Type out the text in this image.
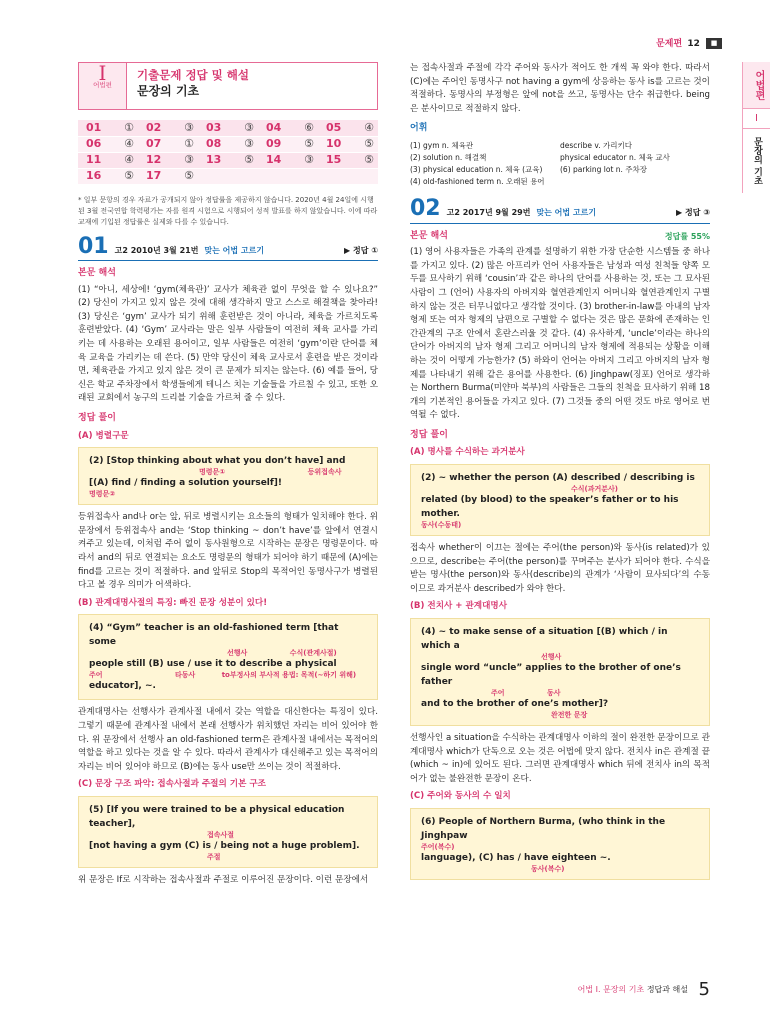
문제편 12 ■
어법편
I
문장의 기초
I
어법편
기출문제 정답 및 해설
문장의 기초
01	①	02	③	03	③	04	⑥	05	④
06	④	07	①	08	③	09	⑤	10	⑤
11	④	12	③	13	⑤	14	③	15	⑤
16	⑤	17	⑤						
* 일부 문항의 경우 자료가 공개되지 않아 정답률을 제공하지 않습니다. 2020년 4월 24일에 시행된 3월 전국연합 학력평가는 자를 원격 시험으로 시행되어 성적 발표를 하지 않았습니다. 이에 따라 교재에 기입된 정답률은 실제와 다를 수 있습니다.
01 고2 2010년 3월 21번 맞는 어법 고르기	▶ 정답 ①
본문 해석
(1) “아니, 세상에! ‘gym(체육관)’ 교사가 체육관 없이 무엇을 할 수 있나요?” (2) 당신이 가지고 있지 않은 것에 대해 생각하지 말고 스스로 해결책을 찾아라! (3) 당신은 ‘gym’ 교사가 되기 위해 훈련받은 것이 아니라, 체육을 가르치도록 훈련받았다. (4) ‘Gym’ 교사라는 말은 일부 사람들이 여전히 체육 교사를 가리키는 데 사용하는 오래된 용어이고, 일부 사람들은 여전히 ‘gym’이란 단어를 체육 교육을 가리키는 데 쓴다. (5) 만약 당신이 체육 교사로서 훈련을 받은 것이라면, 체육관을 가지고 있지 않은 것이 큰 문제가 되지는 않는다. (6) 예를 들어, 당신은 학교 주차장에서 학생들에게 테니스 치는 기술들을 가르칠 수 있고, 또한 오래된 교회에서 농구의 드리블 기술을 가르쳐 줄 수 있다.
정답 풀이
(A) 병렬구문
(2) [Stop thinking about what you don’t have] and
명령문①	등위접속사
[(A) find / finding a solution yourself]!
명령문②
등위접속사 and나 or는 앞, 뒤로 병렬시키는 요소들의 형태가 일치해야 한다. 위 문장에서 등위접속사 and는 ‘Stop thinking ~ don’t have’를 앞에서 연결시켜주고 있는데, 이처럼 주어 없이 동사원형으로 시작하는 문장은 명령문이다. 따라서 and의 뒤로 연결되는 요소도 명령문의 형태가 되어야 하기 때문에 (A)에는 find를 고르는 것이 적절하다. and 앞뒤로 Stop의 목적어인 동명사구가 병렬된다고 볼 경우 의미가 어색하다.
(B) 관계대명사절의 특징: 빠진 문장 성분이 있다!
(4) “Gym” teacher is an old-fashioned term [that some
선행사	수식(관계사절)
people still (B) use / use it to describe a physical
주어	타동사	to부정사의 부사적 용법: 목적(~하기 위해)
educator], ~.
관계대명사는 선행사가 관계사절 내에서 갖는 역할을 대신한다는 특징이 있다. 그렇기 때문에 관계사절 내에서 본래 선행사가 위치했던 자리는 비어 있어야 한다. 위 문장에서 선행사 an old-fashioned term은 관계사절 내에서는 목적어의 역할을 하고 있다는 것을 알 수 있다. 따라서 관계사가 대신해주고 있는 목적어의 자리는 비어 있어야 하므로 (B)에는 동사 use만 쓰이는 것이 적절하다.
(C) 문장 구조 파악: 접속사절과 주절의 기본 구조
(5) [If you were trained to be a physical education teacher],
접속사절
[not having a gym (C) is / being not a huge problem].
주절
위 문장은 If로 시작하는 접속사절과 주절로 이루어진 문장이다. 이런 문장에서
는 접속사절과 주절에 각각 주어와 동사가 적어도 한 개씩 꼭 와야 한다. 따라서 (C)에는 주어인 동명사구 not having a gym에 상응하는 동사 is를 고르는 것이 적절하다. 동명사의 부정형은 앞에 not을 쓰고, 동명사는 단수 취급한다. being은 분사이므로 적절하지 않다.
어휘
(1) gym n. 체육관	describe v. 가리키다
(2) solution n. 해결책	physical educator n. 체육 교사
(3) physical education n. 체육 (교육)	(6) parking lot n. 주차장
(4) old-fashioned term n. 오래된 용어
02 고2 2017년 9월 29번 맞는 어법 고르기	▶ 정답 ③
본문 해석	정답률 55%
(1) 영어 사용자들은 가족의 관계를 설명하기 위한 가장 단순한 시스템들 중 하나를 가지고 있다. (2) 많은 아프리카 언어 사용자들은 남성과 여성 친척들 양쪽 모두를 묘사하기 위해 ‘cousin’과 같은 하나의 단어를 사용하는 것, 또는 그 묘사된 사람이 그 (언어) 사용자의 아버지와 혈연관계인지 어머니와 혈연관계인지 구별하지 않는 것은 터무니없다고 생각할 것이다. (3) brother-in-law를 아내의 남자 형제 또는 여자 형제의 남편으로 구별할 수 없다는 것은 많은 문화에 존재하는 인간관계의 구조 안에서 혼란스러울 것 같다. (4) 유사하게, ‘uncle’이라는 하나의 단어가 아버지의 남자 형제 그리고 어머니의 남자 형제에 적용되는 상황을 이해하는 것이 어떻게 가능한가? (5) 하와이 언어는 아버지 그리고 아버지의 남자 형제를 나타내기 위해 같은 용어를 사용한다. (6) Jinghpaw(징포) 언어로 생각하는 Northern Burma(미얀마 북부)의 사람들은 그들의 친척을 묘사하기 위해 18개의 기본적인 용어들을 가지고 있다. (7) 그것들 중의 어떤 것도 바로 영어로 번역될 수 없다.
정답 풀이
(A) 명사를 수식하는 과거분사
(2) ~ whether the person (A) described / describing is
수식(과거분사)
related (by blood) to the speaker’s father or to his mother.
동사(수동태)
접속사 whether이 이끄는 절에는 주어(the person)와 동사(is related)가 있으므로, describe는 주어(the person)를 꾸며주는 분사가 되어야 한다. 수식을 받는 명사(the person)와 동사(describe)의 관계가 ‘사람이 묘사되다’의 수동이므로 과거분사 described가 와야 한다.
(B) 전치사 + 관계대명사
(4) ~ to make sense of a situation [(B) which / in which a
선행사
single word “uncle” applies to the brother of one’s father
주어	동사
and to the brother of one’s mother]?
완전한 문장
선행사인 a situation을 수식하는 관계대명사 이하의 절이 완전한 문장이므로 관계대명사 which가 단독으로 오는 것은 어법에 맞지 않다. 전치사 in은 관계절 끝(which ~ in)에 있어도 된다. 그러면 관계대명사 which 뒤에 전치사 in의 목적어가 없는 불완전한 문장이 온다.
(C) 주어와 동사의 수 일치
(6) People of Northern Burma, (who think in the Jinghpaw
주어(복수)
language), (C) has / have eighteen ~.
동사(복수)
어법 I. 문장의 기초 정답과 해설 5
